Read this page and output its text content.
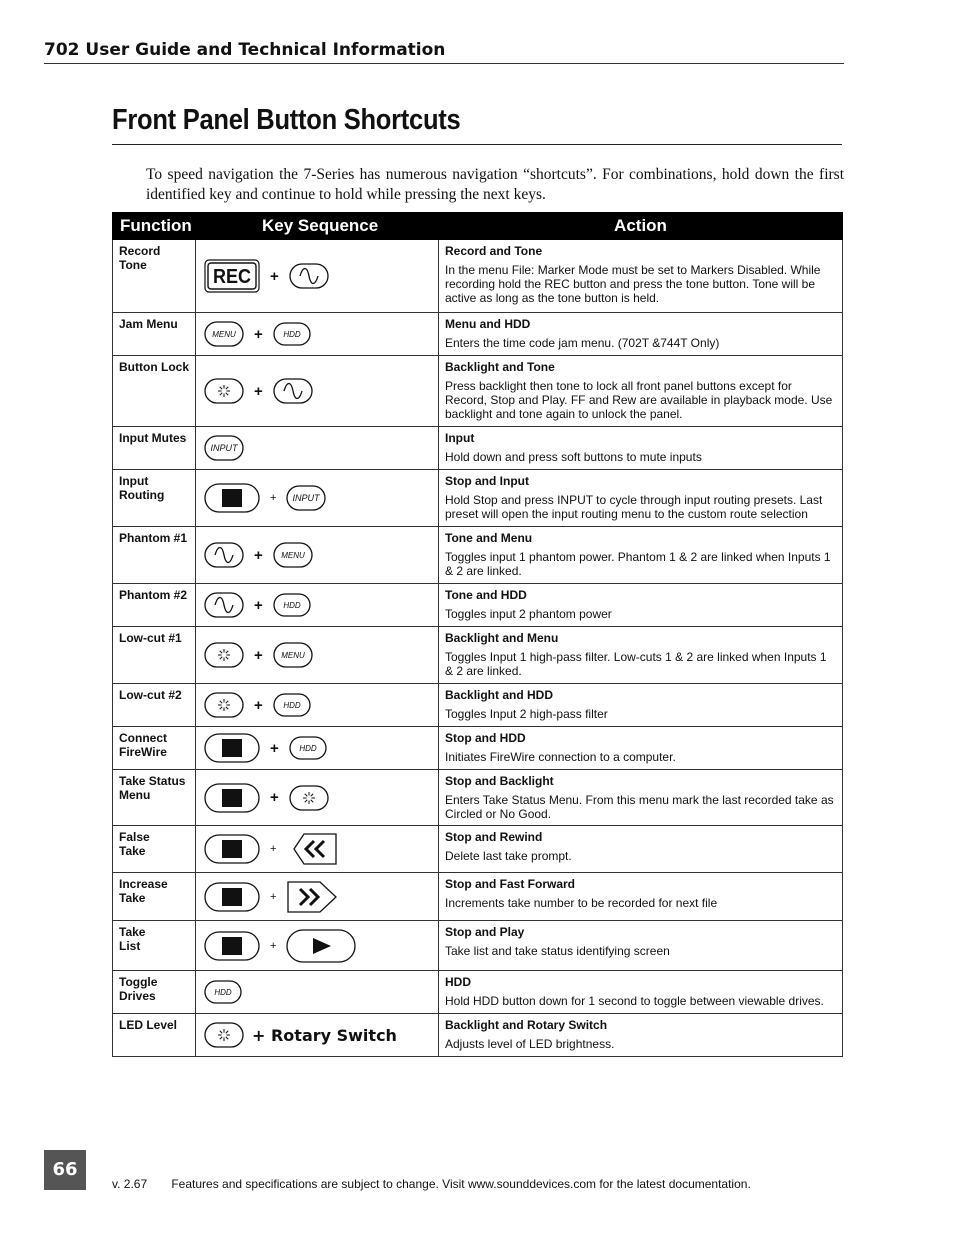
702 User Guide and Technical Information
Front Panel Button Shortcuts

To speed navigation the 7-Series has numerous navigation “shortcuts”. For combinations, hold down the first identified key and continue to hold while pressing the next keys.

Function	Key Sequence	Action

Record
Tone	REC +	Record and Tone
In the menu File: Marker Mode must be set to Markers Disabled. While recording hold the REC button and press the tone button. Tone will be active as long as the tone button is held.

Jam Menu	MENU + HDD	Menu and HDD
Enters the time code jam menu. (702T &744T Only)

Button Lock	+	Backlight and Tone
Press backlight then tone to lock all front panel buttons except for Record, Stop and Play. FF and Rew are available in playback mode. Use backlight and tone again to unlock the panel.

Input Mutes	INPUT	Input
Hold down and press soft buttons to mute inputs

Input
Routing	+ INPUT	Stop and Input
Hold Stop and press INPUT to cycle through input routing presets. Last preset will open the input routing menu to the custom route selection

Phantom #1	+ MENU	Tone and Menu
Toggles input 1 phantom power. Phantom 1 & 2 are linked when Inputs 1 & 2 are linked.

Phantom #2	+ HDD	Tone and HDD
Toggles input 2 phantom power

Low-cut #1	+ MENU	Backlight and Menu
Toggles Input 1 high-pass filter. Low-cuts 1 & 2 are linked when Inputs 1 & 2 are linked.

Low-cut #2	+ HDD	Backlight and HDD
Toggles Input 2 high-pass filter

Connect
FireWire	+ HDD	Stop and HDD
Initiates FireWire connection to a computer.

Take Status
Menu	+	Stop and Backlight
Enters Take Status Menu. From this menu mark the last recorded take as Circled or No Good.

False
Take	+	Stop and Rewind
Delete last take prompt.

Increase
Take	+	Stop and Fast Forward
Increments take number to be recorded for next file

Take
List	+	Stop and Play
Take list and take status identifying screen

Toggle
Drives	HDD	HDD
Hold HDD button down for 1 second to toggle between viewable drives.

LED Level	+ Rotary Switch	Backlight and Rotary Switch
Adjusts level of LED brightness.
66
v. 2.67 Features and specifications are subject to change. Visit www.sounddevices.com for the latest documentation.
